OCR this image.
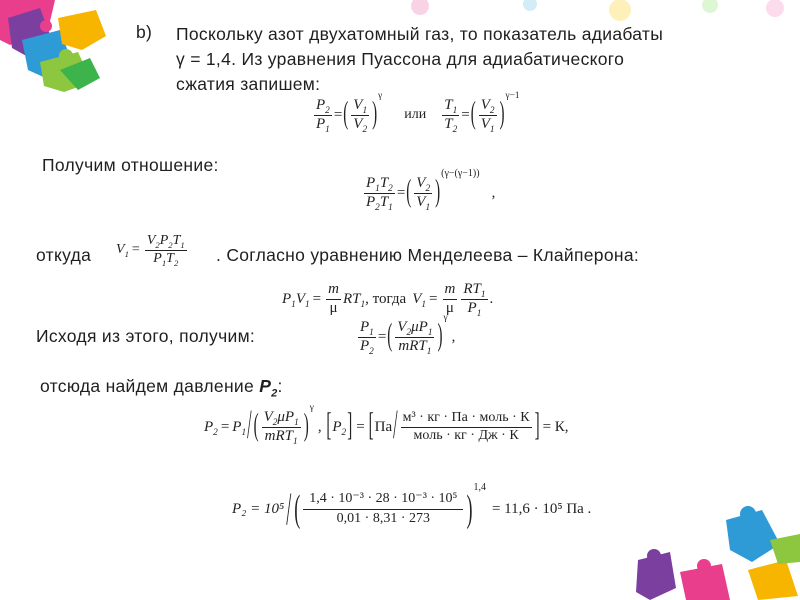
b) Поскольку азот двухатомный газ, то показатель адиабаты
γ = 1,4. Из уравнения Пуассона для адиабатического
сжатия запишем:
$\frac{P_2}{P_1}$ = ( $\frac{V_1}{V_2}$ )
γ
или $\frac{T_1}{T_2}$ = ( $\frac{V_2}{V_1}$ )
γ−1
Получим отношение:
$\frac{P_1T_2}{P_2T_1}$ = ( $\frac{V_2}{V_1}$ )
(γ−(γ−1))
,
откуда $V_1 = \frac{V_2P_2T_1}{P_1T_2}$ . Согласно уравнению Менделеева – Клайперона:
$P_1V_1 = \frac{m}{\mu} RT_1$ , тогда $V_1 = \frac{m}{\mu} \frac{RT_1}{P_1}$ .
Исходя из этого, получим:	$\frac{P_1}{P_2}$ = ( $\frac{V_2\mu P_1}{mRT_1}$ )
γ
,
отсюда найдем давление $P_2$:
$P_2 = P_1$ / ( $\frac{V_2\mu P_1}{mRT_1}$ )
γ
, [ $P_2$ ] = [ Па / $\frac{\text{м³ · кг · Па · моль · К}}{\text{моль · кг · Дж · К}}$ ] = К,
P₂ = 10⁵ / ( $\frac{\text{1,4 · 10⁻³ · 28 · 10⁻³ · 10⁵}}{0,01 \cdot 8,31 \cdot 273}$ ) 1,4
= 11,6 · 10⁵ Па .
